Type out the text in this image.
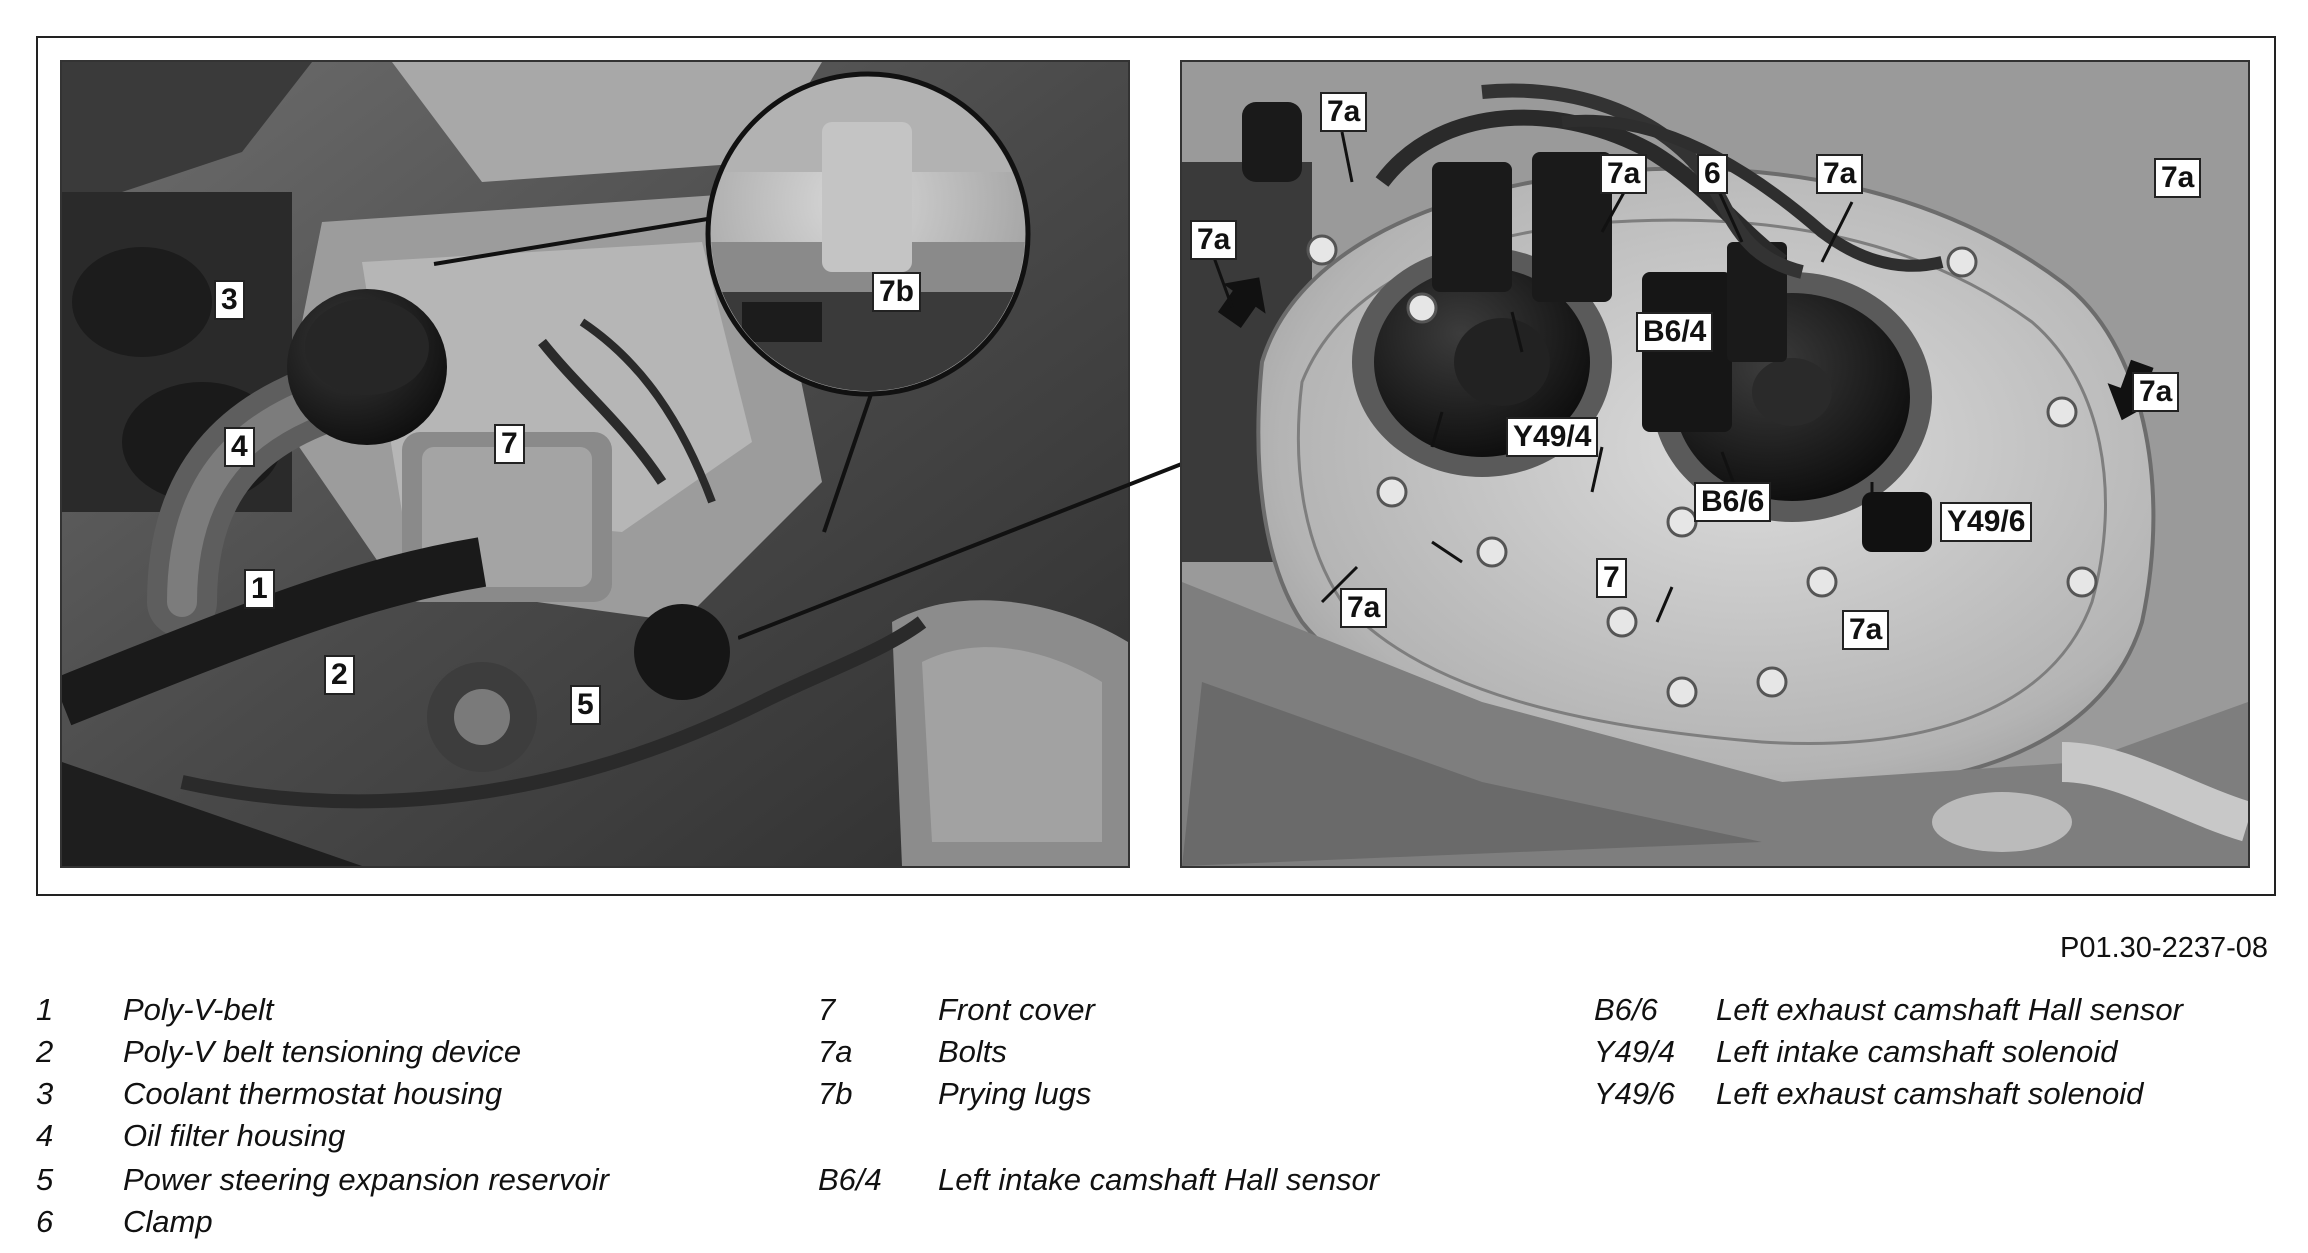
3
4	7
1
2
5
7b
7a
7a	7a
6
7a
7a
B6/4
Y49/4
B6/6
Y49/6
7a
7
7a
7a
P01.30-2237-08
1 Poly-V-belt
2 Poly-V belt tensioning device
3 Coolant thermostat housing
4 Oil filter housing
5 Power steering expansion reservoir
6 Clamp
7	Front cover
7a	Bolts
7b	Prying lugs
B6/4 Left intake camshaft Hall sensor
B6/6 Left exhaust camshaft Hall sensor
Y49/4 Left intake camshaft solenoid
Y49/6 Left exhaust camshaft solenoid
